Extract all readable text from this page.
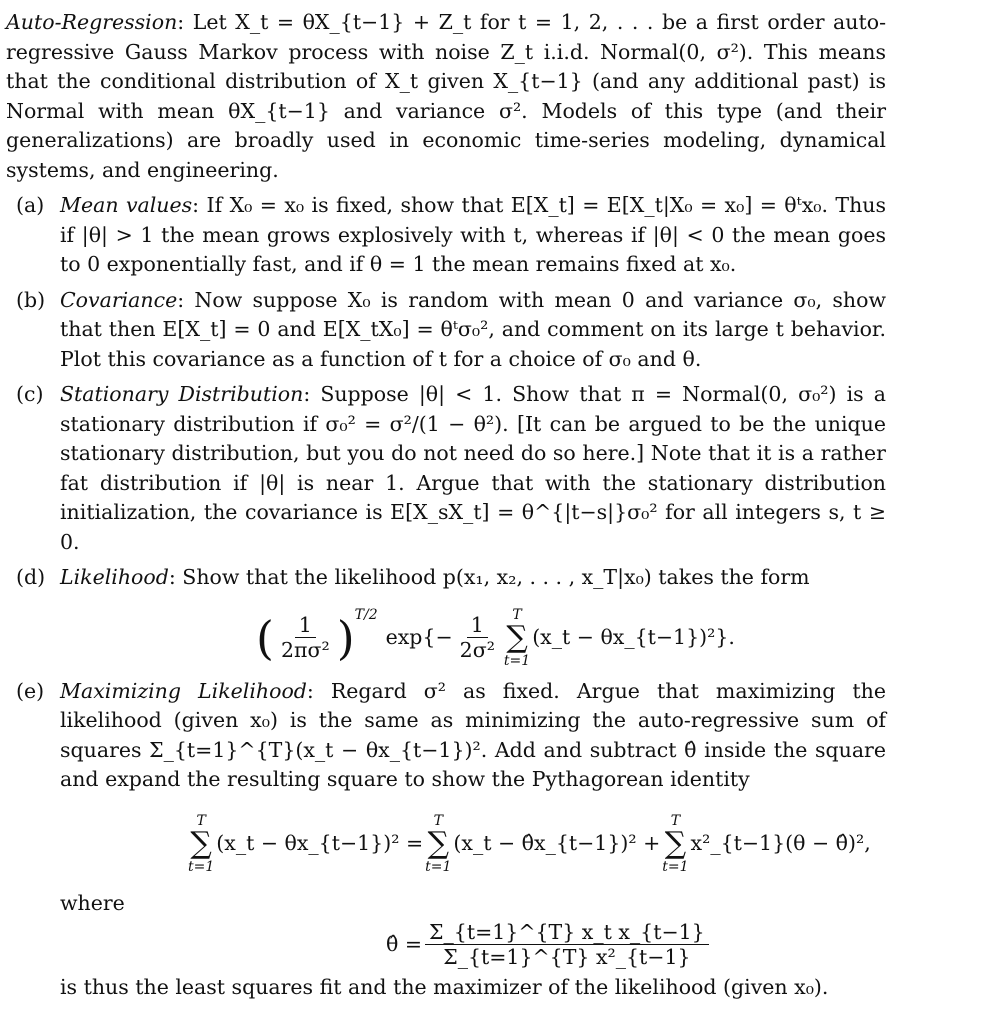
Auto-Regression: Let X_t = θX_{t−1} + Z_t for t = 1, 2, . . . be a first order auto-regressive Gauss Markov process with noise Z_t i.i.d. Normal(0, σ²). This means that the conditional distribution of X_t given X_{t−1} (and any additional past) is Normal with mean θX_{t−1} and variance σ². Models of this type (and their generalizations) are broadly used in economic time-series modeling, dynamical systems, and engineering.

(a) Mean values: If X₀ = x₀ is fixed, show that E[X_t] = E[X_t|X₀ = x₀] = θᵗx₀. Thus if |θ| > 1 the mean grows explosively with t, whereas if |θ| < 0 the mean goes to 0 exponentially fast, and if θ = 1 the mean remains fixed at x₀.
(b) Covariance: Now suppose X₀ is random with mean 0 and variance σ₀, show that then E[X_t] = 0 and E[X_tX₀] = θᵗσ₀², and comment on its large t behavior. Plot this covariance as a function of t for a choice of σ₀ and θ.
(c) Stationary Distribution: Suppose |θ| < 1. Show that π = Normal(0, σ₀²) is a stationary distribution if σ₀² = σ²/(1 − θ²). [It can be argued to be the unique stationary distribution, but you do not need do so here.] Note that it is a rather fat distribution if |θ| is near 1. Argue that with the stationary distribution initialization, the covariance is E[X_sX_t] = θ^{|t−s|}σ₀² for all integers s, t ≥ 0.
(d) Likelihood: Show that the likelihood p(x₁, x₂, . . . , x_T|x₀) takes the form
( $\frac{1}{\text{2πσ²}}$ ) T/2
$\exp\{- \frac{1}{\text{2σ²}}$ T
∑
t=1
(x_t − θx_{t−1})²}.
(e) Maximizing Likelihood: Regard σ² as fixed. Argue that maximizing the likelihood (given x₀) is the same as minimizing the auto-regressive sum of squares Σ_{t=1}^{T}(x_t − θx_{t−1})². Add and subtract θ̂ inside the square and expand the resulting square to show the Pythagorean identity
T
∑
t=1
(x_t − θx_{t−1})² =
T
∑
t=1
(x_t − θ̂x_{t−1})² +
T
∑
t=1
x²_{t−1}(θ − θ̂)²,
where
θ̂ = $\frac{\text{Σ\_\{t=1\}\textasciicircum{}\{T\} x\_t x\_\{t−1\}}}{\text{Σ\_\{t=1\}\textasciicircum{}\{T\} x²\_\{t−1\}}}$
is thus the least squares fit and the maximizer of the likelihood (given x₀).
